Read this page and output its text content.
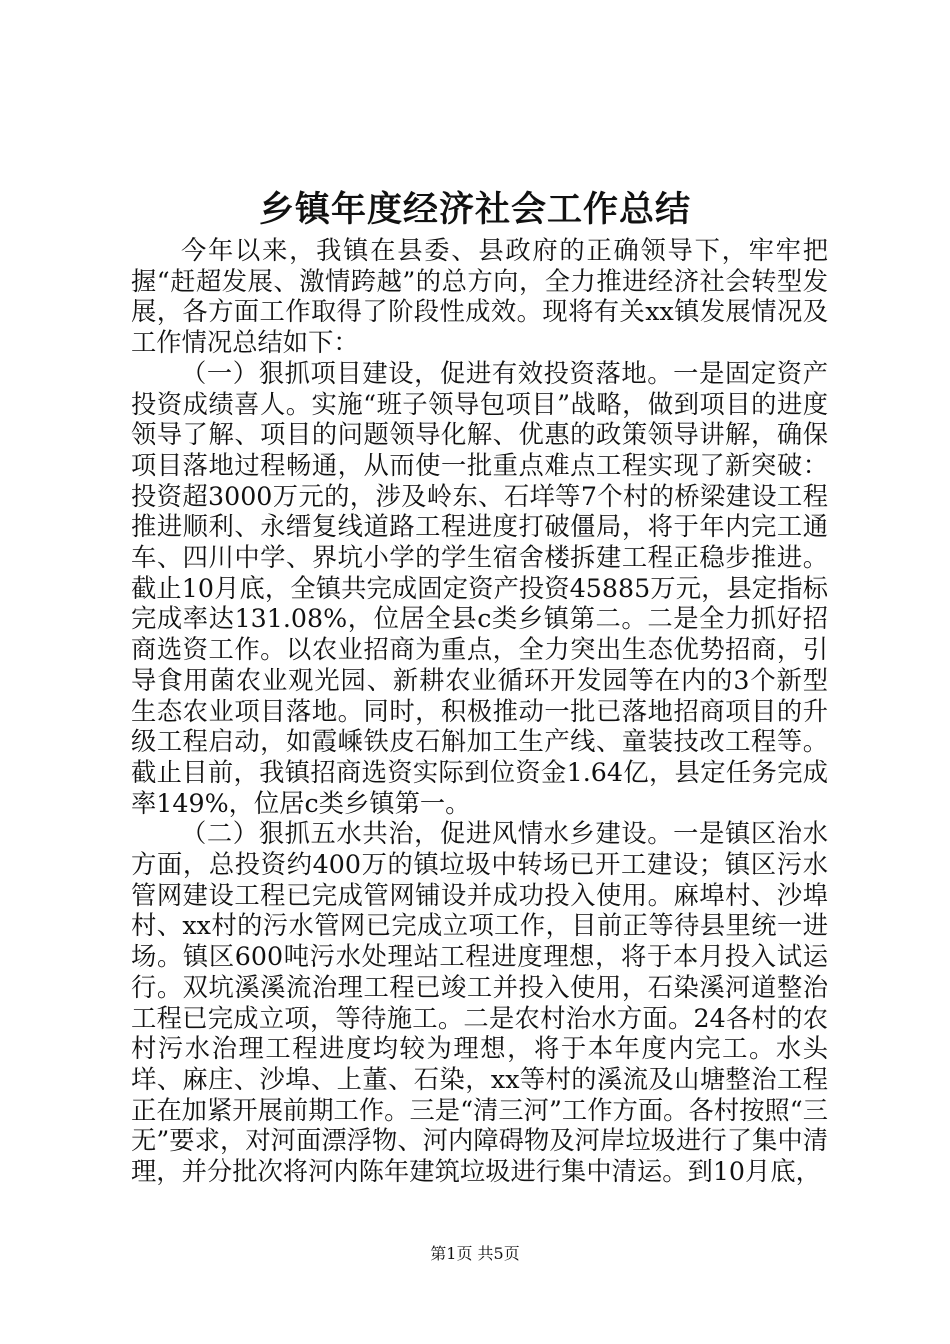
乡镇年度经济社会工作总结

今年以来，我镇在县委、县政府的正确领导下，牢牢把握“赶超发展、激情跨越”的总方向，全力推进经济社会转型发展，各方面工作取得了阶段性成效。现将有关xx镇发展情况及工作情况总结如下：

（一）狠抓项目建设，促进有效投资落地。一是固定资产投资成绩喜人。实施“班子领导包项目”战略，做到项目的进度领导了解、项目的问题领导化解、优惠的政策领导讲解，确保项目落地过程畅通，从而使一批重点难点工程实现了新突破：投资超3000万元的，涉及岭东、石垟等7个村的桥梁建设工程推进顺利、永缙复线道路工程进度打破僵局，将于年内完工通车、四川中学、界坑小学的学生宿舍楼拆建工程正稳步推进。截止10月底，全镇共完成固定资产投资45885万元，县定指标完成率达131.08%，位居全县c类乡镇第二。二是全力抓好招商选资工作。以农业招商为重点，全力突出生态优势招商，引导食用菌农业观光园、新耕农业循环开发园等在内的3个新型生态农业项目落地。同时，积极推动一批已落地招商项目的升级工程启动，如霞嵊铁皮石斛加工生产线、童装技改工程等。截止目前，我镇招商选资实际到位资金1.64亿，县定任务完成率149%，位居c类乡镇第一。

（二）狠抓五水共治，促进风情水乡建设。一是镇区治水方面，总投资约400万的镇垃圾中转场已开工建设；镇区污水管网建设工程已完成管网铺设并成功投入使用。麻埠村、沙埠村、xx村的污水管网已完成立项工作，目前正等待县里统一进场。镇区600吨污水处理站工程进度理想，将于本月投入试运行。双坑溪溪流治理工程已竣工并投入使用，石染溪河道整治工程已完成立项，等待施工。二是农村治水方面。24各村的农村污水治理工程进度均较为理想，将于本年度内完工。水头垟、麻庄、沙埠、上董、石染，xx等村的溪流及山塘整治工程正在加紧开展前期工作。三是“清三河”工作方面。各村按照“三无”要求，对河面漂浮物、河内障碍物及河岸垃圾进行了集中清理，并分批次将河内陈年建筑垃圾进行集中清运。到10月底，

第1页 共5页
